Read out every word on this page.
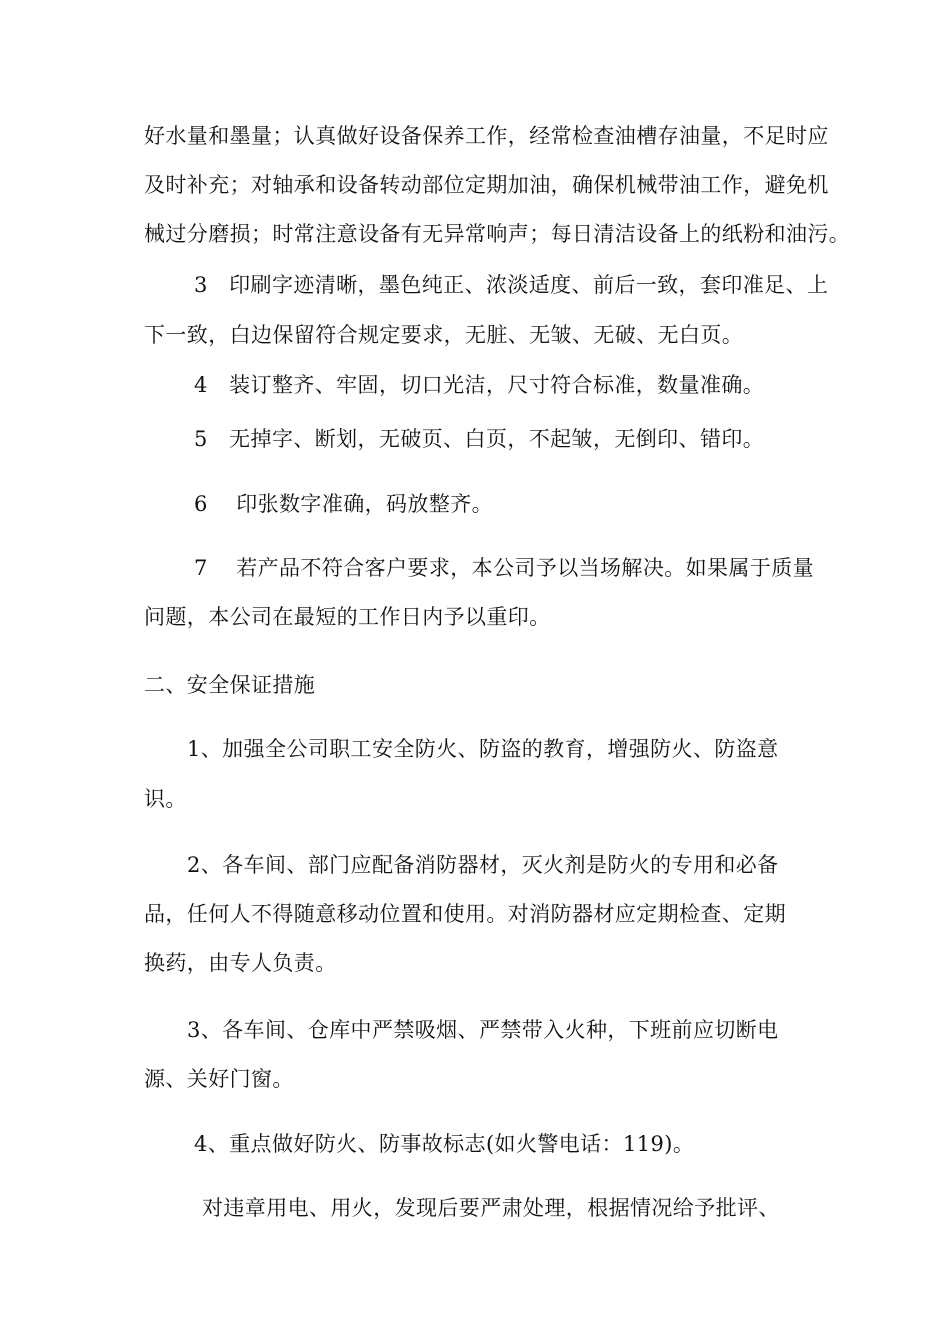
好水量和墨量；认真做好设备保养工作，经常检查油槽存油量，不足时应
及时补充；对轴承和设备转动部位定期加油，确保机械带油工作，避免机
械过分磨损；时常注意设备有无异常响声；每日清洁设备上的纸粉和油污。
3　印刷字迹清晰，墨色纯正、浓淡适度、前后一致，套印准足、上
下一致，白边保留符合规定要求，无脏、无皱、无破、无白页。
4　装订整齐、牢固，切口光洁，尺寸符合标准，数量准确。
5　无掉字、断划，无破页、白页，不起皱，无倒印、错印。
6　 印张数字准确，码放整齐。
7　 若产品不符合客户要求，本公司予以当场解决。如果属于质量
问题，本公司在最短的工作日内予以重印。
二、安全保证措施
1、加强全公司职工安全防火、防盗的教育，增强防火、防盗意
识。
2、各车间、部门应配备消防器材，灭火剂是防火的专用和必备
品，任何人不得随意移动位置和使用。对消防器材应定期检查、定期
换药，由专人负责。
3、各车间、仓库中严禁吸烟、严禁带入火种，下班前应切断电
源、关好门窗。
4、重点做好防火、防事故标志(如火警电话：119)。
对违章用电、用火，发现后要严肃处理，根据情况给予批评、
